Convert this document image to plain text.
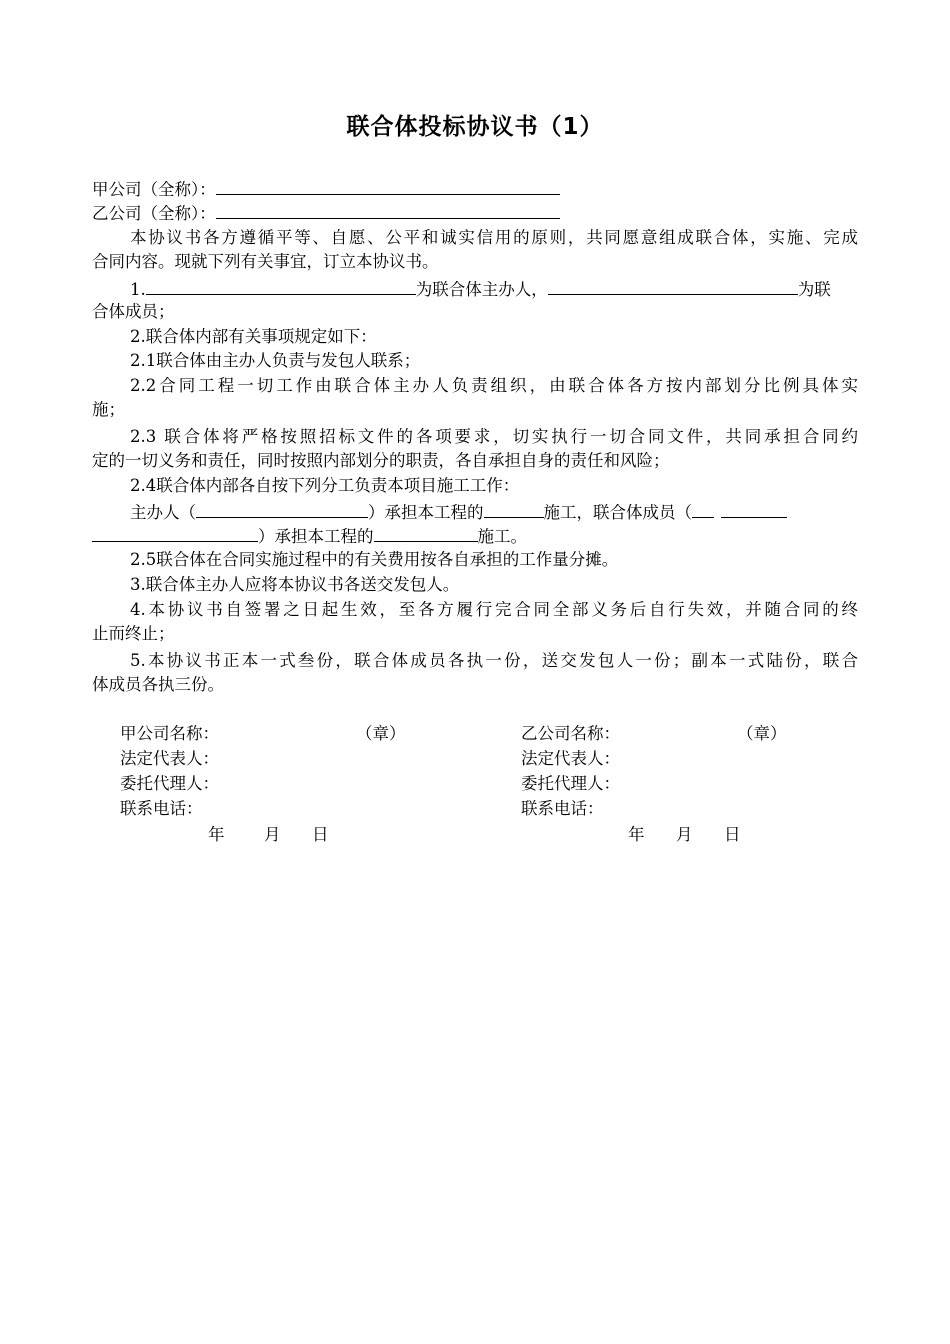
联合体投标协议书（1）
甲公司（全称）：
乙公司（全称）：
本协议书各方遵循平等、自愿、公平和诚实信用的原则，共同愿意组成联合体，实施、完成
合同内容。现就下列有关事宜，订立本协议书。
1.	为联合体主办人，	为联
合体成员；
2.联合体内部有关事项规定如下：
2.1联合体由主办人负责与发包人联系；
2.2合同工程一切工作由联合体主办人负责组织，由联合体各方按内部划分比例具体实
施；
2.3 联合体将严格按照招标文件的各项要求，切实执行一切合同文件，共同承担合同约
定的一切义务和责任，同时按照内部划分的职责，各自承担自身的责任和风险；
2.4联合体内部各自按下列分工负责本项目施工工作：
主办人（	）承担本工程的	施工，联合体成员（
）承担本工程的	施工。
2.5联合体在合同实施过程中的有关费用按各自承担的工作量分摊。
3.联合体主办人应将本协议书各送交发包人。
4.本协议书自签署之日起生效，至各方履行完合同全部义务后自行失效，并随合同的终
止而终止；
5.本协议书正本一式叁份，联合体成员各执一份，送交发包人一份；副本一式陆份，联合
体成员各执三份。
甲公司名称：	（章）
法定代表人：
委托代理人：
联系电话：
年 月 日
乙公司名称：	（章）
法定代表人：
委托代理人：
联系电话：
年 月 日
